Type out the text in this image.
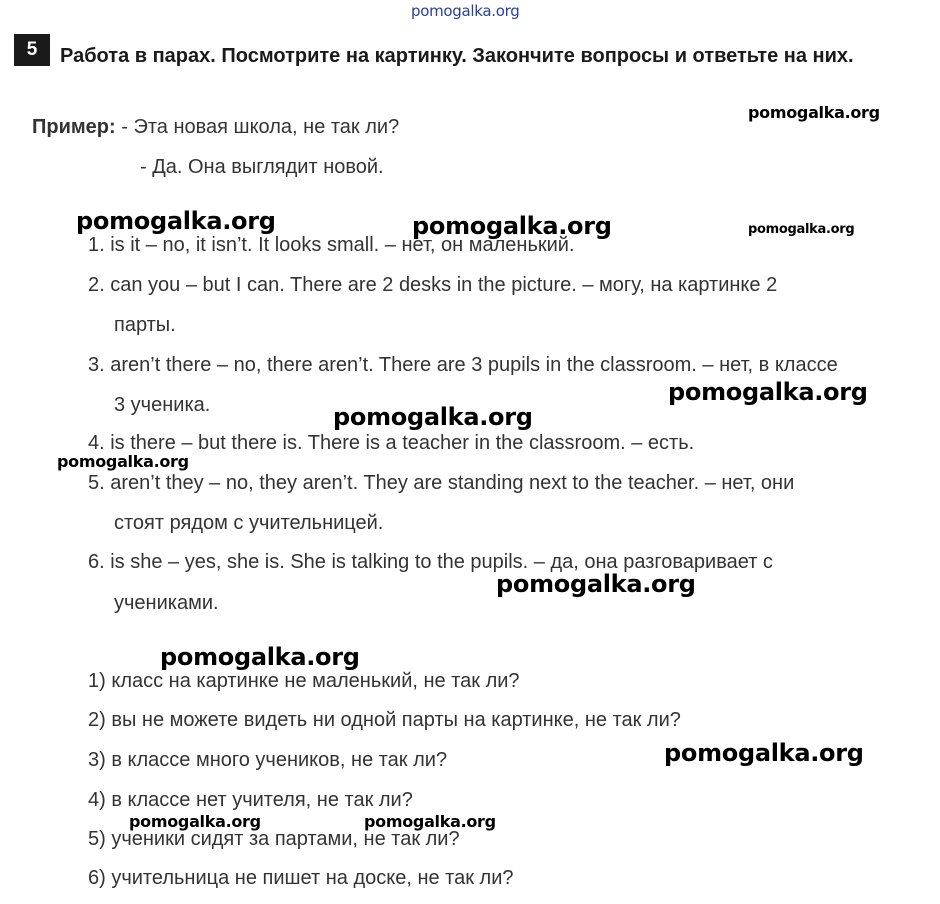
pomogalka.org
5	Работа в парах. Посмотрите на картинку. Закончите вопросы и ответьте на них.
Пример: - Эта новая школа, не так ли?
- Да. Она выглядит новой.
1. is it – no, it isn’t. It looks small. – нет, он маленький.
2. can you – but I can. There are 2 desks in the picture. – могу, на картинке 2
парты.
3. aren’t there – no, there aren’t. There are 3 pupils in the classroom. – нет, в классе
3 ученика.
4. is there – but there is. There is a teacher in the classroom. – есть.
5. aren’t they – no, they aren’t. They are standing next to the teacher. – нет, они
стоят рядом с учительницей.
6. is she – yes, she is. She is talking to the pupils. – да, она разговаривает с
учениками.
1) класс на картинке не маленький, не так ли?
2) вы не можете видеть ни одной парты на картинке, не так ли?
3) в классе много учеников, не так ли?
4) в классе нет учителя, не так ли?
5) ученики сидят за партами, не так ли?
6) учительница не пишет на доске, не так ли?
pomogalka.org
pomogalka.org	pomogalka.org	pomogalka.org
pomogalka.org
pomogalka.org
pomogalka.org
pomogalka.org
pomogalka.org
pomogalka.org
pomogalka.org	pomogalka.org
